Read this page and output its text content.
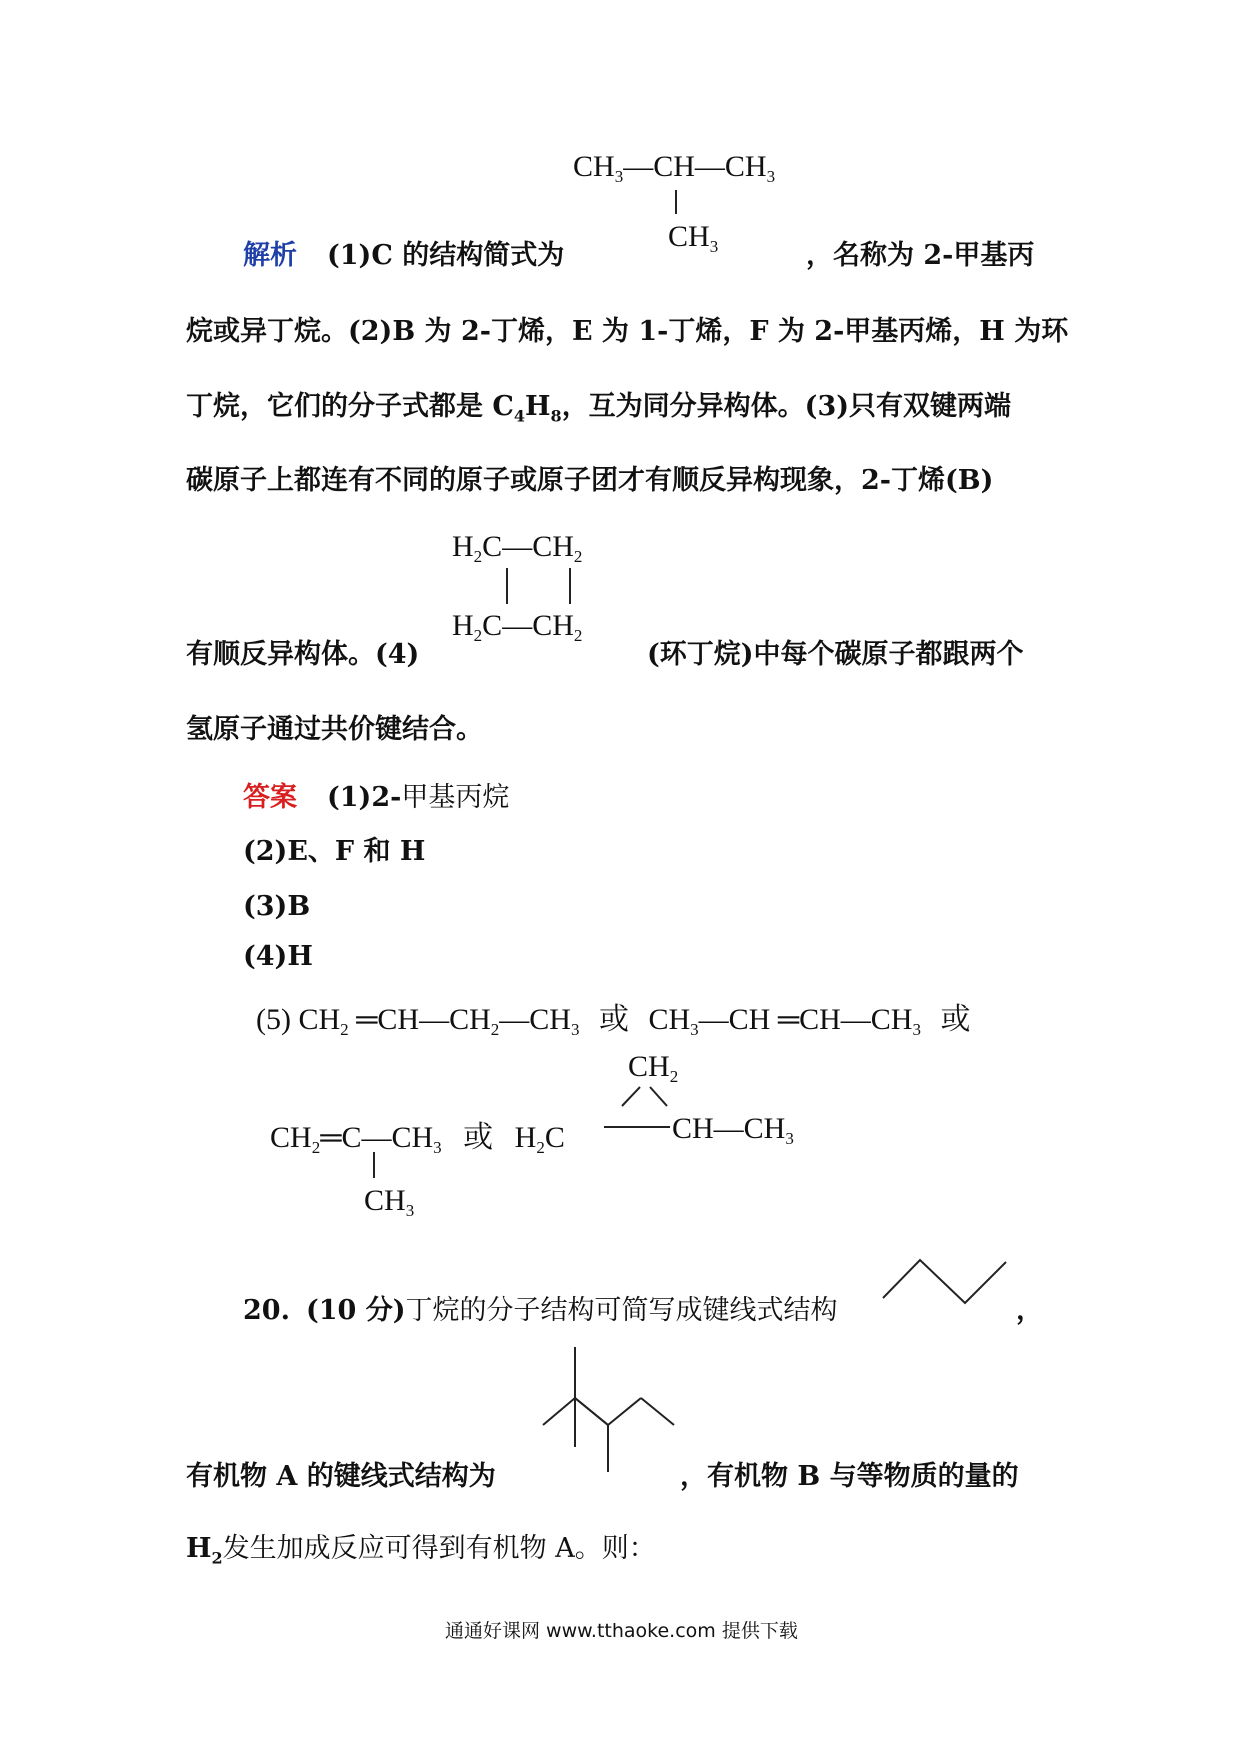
$CH_3—CH—CH_3$
$CH_3$
解析 (1)C 的结构简式为	，名称为 2-甲基丙
烷或异丁烷。(2)B 为 2-丁烯，E 为 1-丁烯，F 为 2-甲基丙烯，H 为环
丁烷，它们的分子式都是 $C_4H_8$，互为同分异构体。(3)只有双键两端
碳原子上都连有不同的原子或原子团才有顺反异构现象，2-丁烯(B)
$H_2C—CH_2$
$H_2C—CH_2$
有顺反异构体。(4)	(环丁烷)中每个碳原子都跟两个
氢原子通过共价键结合。
答案 (1)2-甲基丙烷
(2)E、F 和 H
(3)B
(4)H
(5) $CH_2$ $═CH—CH_2—CH_3$ 或 $CH_3—CH$ $═CH—CH_3$ 或
$CH_2$
$CH_2═C—CH_3$ 或 $H_2C$	$CH—CH_3$
$CH_3$
20. (10 分)丁烷的分子结构可简写成键线式结构	，
有机物 A 的键线式结构为	，有机物 B 与等物质的量的
$H_2$发生加成反应可得到有机物 A。则：
通通好课网 www.tthaoke.com 提供下载
